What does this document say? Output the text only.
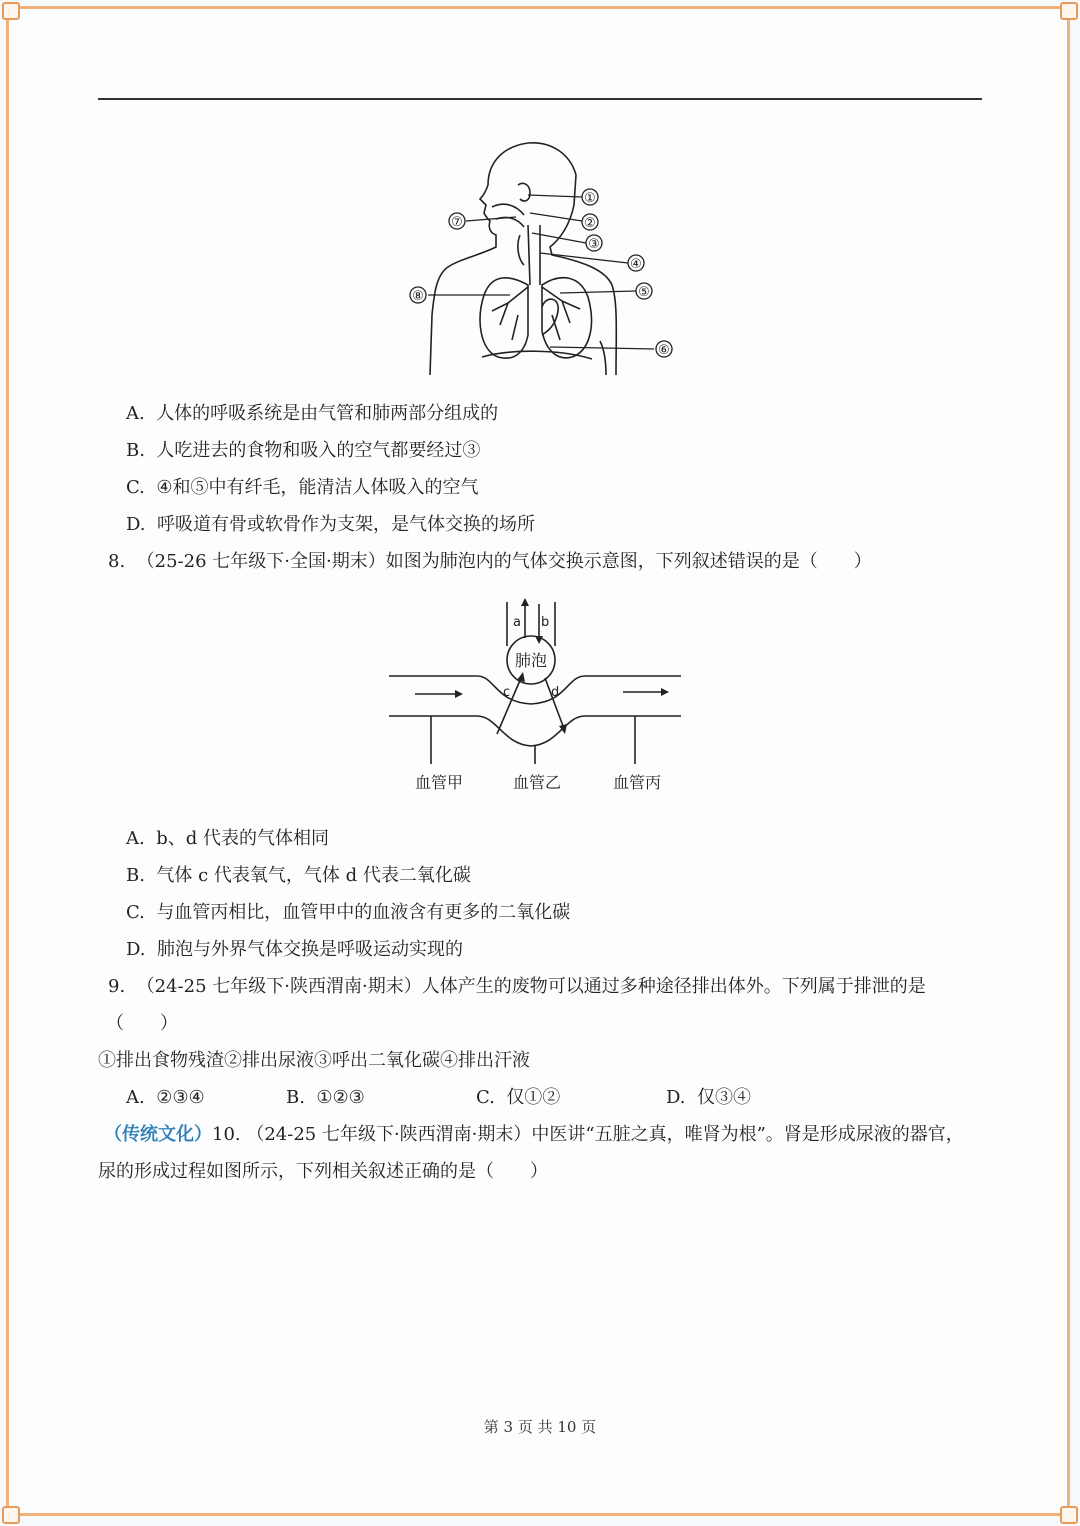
①
②
③
④
⑤
⑥
⑦
⑧
A. 人体的呼吸系统是由气管和肺两部分组成的
B. 人吃进去的食物和吸入的空气都要经过③
C. ④和⑤中有纤毛，能清洁人体吸入的空气
D. 呼吸道有骨或软骨作为支架，是气体交换的场所
8. （25-26 七年级下·全国·期末）如图为肺泡内的气体交换示意图，下列叙述错误的是（　　）
a b
c	d
肺泡
血管甲	血管乙	血管丙
A. b、d 代表的气体相同
B. 气体 c 代表氧气，气体 d 代表二氧化碳
C. 与血管丙相比，血管甲中的血液含有更多的二氧化碳
D. 肺泡与外界气体交换是呼吸运动实现的
9. （24-25 七年级下·陕西渭南·期末）人体产生的废物可以通过多种途径排出体外。下列属于排泄的是
（　　）
①排出食物残渣②排出尿液③呼出二氧化碳④排出汗液
A. ②③④	B. ①②③	C. 仅①②	D. 仅③④
（传统文化）10. （24-25 七年级下·陕西渭南·期末）中医讲“五脏之真，唯肾为根”。肾是形成尿液的器官，
尿的形成过程如图所示，下列相关叙述正确的是（　　）
第 3 页 共 10 页
